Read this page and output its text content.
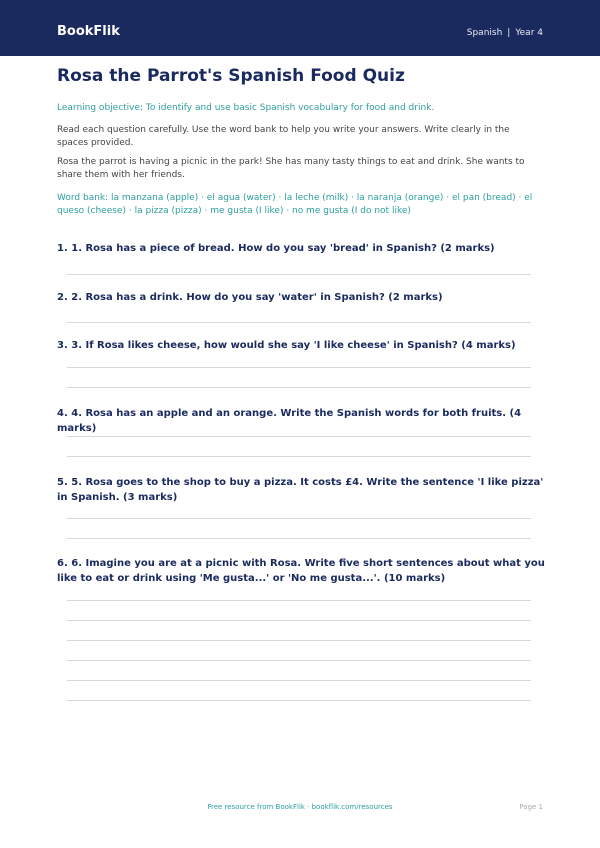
BookFlik	Spanish | Year 4
Rosa the Parrot's Spanish Food Quiz
Learning objective: To identify and use basic Spanish vocabulary for food and drink.
Read each question carefully. Use the word bank to help you write your answers. Write clearly in the spaces provided.
Rosa the parrot is having a picnic in the park! She has many tasty things to eat and drink. She wants to share them with her friends.
Word bank: la manzana (apple) · el agua (water) · la leche (milk) · la naranja (orange) · el pan (bread) · el queso (cheese) · la pizza (pizza) · me gusta (I like) · no me gusta (I do not like)
1. 1. Rosa has a piece of bread. How do you say 'bread' in Spanish? (2 marks)
2. 2. Rosa has a drink. How do you say 'water' in Spanish? (2 marks)
3. 3. If Rosa likes cheese, how would she say 'I like cheese' in Spanish? (4 marks)
4. 4. Rosa has an apple and an orange. Write the Spanish words for both fruits. (4 marks)
5. 5. Rosa goes to the shop to buy a pizza. It costs £4. Write the sentence 'I like pizza' in Spanish. (3 marks)
6. 6. Imagine you are at a picnic with Rosa. Write five short sentences about what you like to eat or drink using 'Me gusta...' or 'No me gusta...'. (10 marks)
Free resource from BookFlik · bookflik.com/resources	Page 1
